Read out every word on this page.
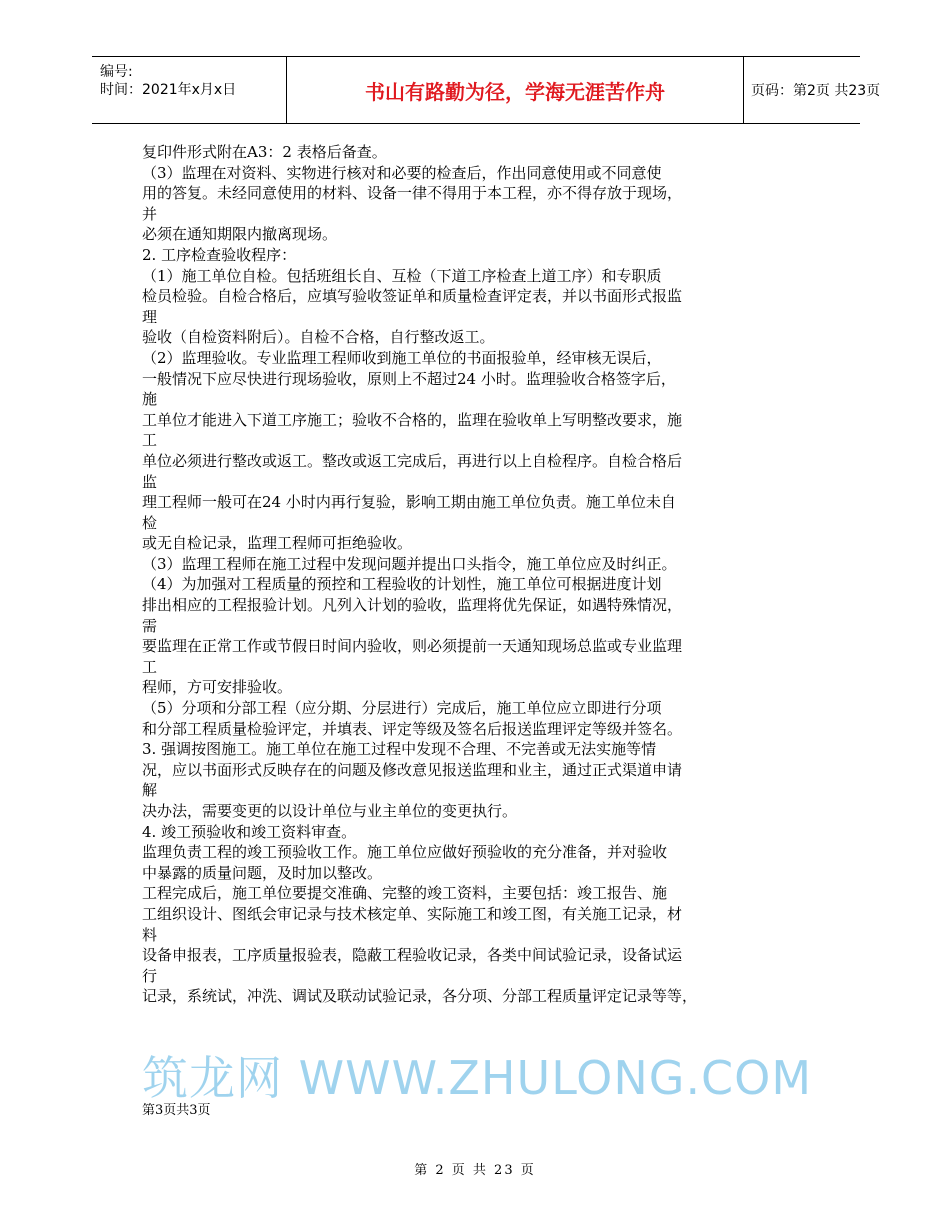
编号:
时间：2021年x月x日	书山有路勤为径，学海无涯苦作舟	页码：第2页 共23页
复印件形式附在A3：2 表格后备查。
（3）监理在对资料、实物进行核对和必要的检查后，作出同意使用或不同意使
用的答复。未经同意使用的材料、设备一律不得用于本工程，亦不得存放于现场，
并
必须在通知期限内撤离现场。
2. 工序检查验收程序：
（1）施工单位自检。包括班组长自、互检（下道工序检查上道工序）和专职质
检员检验。自检合格后，应填写验收签证单和质量检查评定表，并以书面形式报监
理
验收（自检资料附后）。自检不合格，自行整改返工。
（2）监理验收。专业监理工程师收到施工单位的书面报验单，经审核无误后，
一般情况下应尽快进行现场验收，原则上不超过24 小时。监理验收合格签字后，
施
工单位才能进入下道工序施工；验收不合格的，监理在验收单上写明整改要求，施
工
单位必须进行整改或返工。整改或返工完成后，再进行以上自检程序。自检合格后
监
理工程师一般可在24 小时内再行复验，影响工期由施工单位负责。施工单位未自
检
或无自检记录，监理工程师可拒绝验收。
（3）监理工程师在施工过程中发现问题并提出口头指令，施工单位应及时纠正。
（4）为加强对工程质量的预控和工程验收的计划性，施工单位可根据进度计划
排出相应的工程报验计划。凡列入计划的验收，监理将优先保证，如遇特殊情况，
需
要监理在正常工作或节假日时间内验收，则必须提前一天通知现场总监或专业监理
工
程师，方可安排验收。
（5）分项和分部工程（应分期、分层进行）完成后，施工单位应立即进行分项
和分部工程质量检验评定，并填表、评定等级及签名后报送监理评定等级并签名。
3. 强调按图施工。施工单位在施工过程中发现不合理、不完善或无法实施等情
况，应以书面形式反映存在的问题及修改意见报送监理和业主，通过正式渠道申请
解
决办法，需要变更的以设计单位与业主单位的变更执行。
4. 竣工预验收和竣工资料审查。
监理负责工程的竣工预验收工作。施工单位应做好预验收的充分准备，并对验收
中暴露的质量问题，及时加以整改。
工程完成后，施工单位要提交准确、完整的竣工资料，主要包括：竣工报告、施
工组织设计、图纸会审记录与技术核定单、实际施工和竣工图，有关施工记录，材
料
设备申报表，工序质量报验表，隐蔽工程验收记录，各类中间试验记录，设备试运
行
记录，系统试，冲洗、调试及联动试验记录，各分项、分部工程质量评定记录等等，
筑龙网 WWW.ZHULONG.COM
第3页共3页
第 2 页 共 23 页
